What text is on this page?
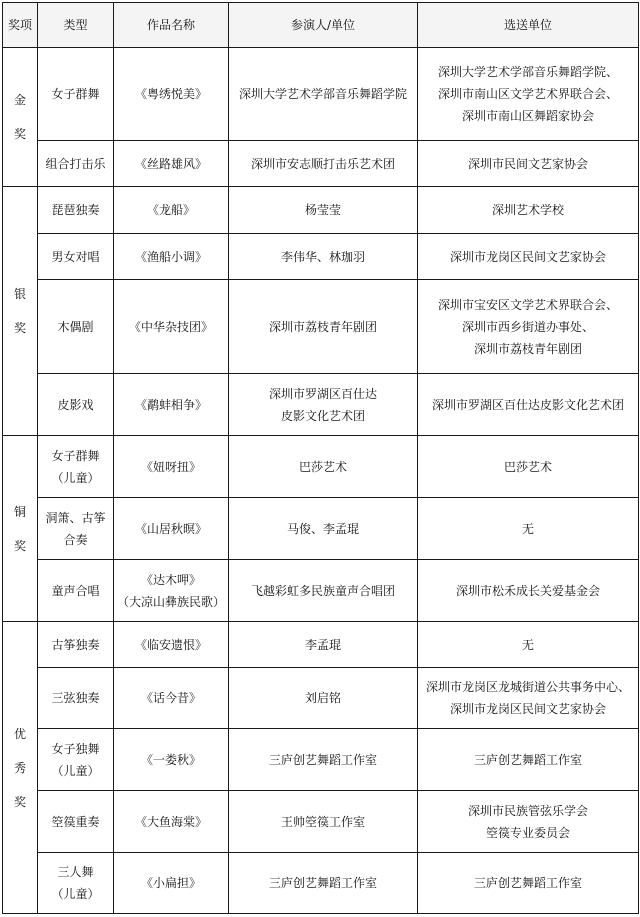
奖项	类型	作品名称	参演人/单位	选送单位

金
奖	女子群舞	《粤绣悦美》	深圳大学艺术学部音乐舞蹈学院	深圳大学艺术学部音乐舞蹈学院、
深圳市南山区文学艺术界联合会、
深圳市南山区舞蹈家协会

	组合打击乐	《丝路雄风》	深圳市安志顺打击乐艺术团	深圳市民间文艺家协会

银
奖	琵琶独奏	《龙船》	杨莹莹	深圳艺术学校

	男女对唱	《渔船小调》	李伟华、林珈羽	深圳市龙岗区民间文艺家协会

	木偶剧	《中华杂技团》	深圳市荔枝青年剧团	深圳市宝安区文学艺术界联合会、
深圳市西乡街道办事处、
深圳市荔枝青年剧团

	皮影戏	《鹬蚌相争》	深圳市罗湖区百仕达
皮影文化艺术团	深圳市罗湖区百仕达皮影文化艺术团

铜
奖	女子群舞
（儿童）	《妞呀扭》	巴莎艺术	巴莎艺术

	洞箫、古筝
合奏	《山居秋暝》	马俊、李孟琨	无

	童声合唱	《达木呷》
（大凉山彝族民歌）	飞越彩虹多民族童声合唱团	深圳市松禾成长关爱基金会

优
秀
奖	古筝独奏	《临安遗恨》	李孟琨	无

	三弦独奏	《话今昔》	刘启铭	深圳市龙岗区龙城街道公共事务中心、
深圳市龙岗区民间文艺家协会

	女子独舞
（儿童）	《一娄秋》	三庐创艺舞蹈工作室	三庐创艺舞蹈工作室

	箜篌重奏	《大鱼海棠》	王帅箜篌工作室	深圳市民族管弦乐学会
箜篌专业委员会

	三人舞
（儿童）	《小扁担》	三庐创艺舞蹈工作室	三庐创艺舞蹈工作室
